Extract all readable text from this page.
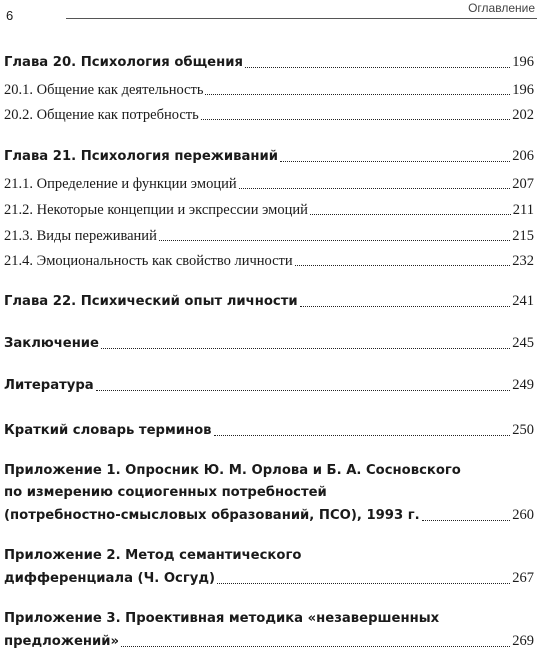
6	Оглавление
Глава 20. Психология общения	196
20.1. Общение как деятельность	196
20.2. Общение как потребность	202
Глава 21. Психология переживаний	206
21.1. Определение и функции эмоций	207
21.2. Некоторые концепции и экспрессии эмоций	211
21.3. Виды переживаний	215
21.4. Эмоциональность как свойство личности	232
Глава 22. Психический опыт личности	241
Заключение	245
Литература	249
Краткий словарь терминов	250
Приложение 1. Опросник Ю. М. Орлова и Б. А. Сосновского
по измерению социогенных потребностей
(потребностно-смысловых образований, ПСО), 1993 г.	260
Приложение 2. Метод семантического
дифференциала (Ч. Осгуд)	267
Приложение 3. Проективная методика «незавершенных
предложений»	269
